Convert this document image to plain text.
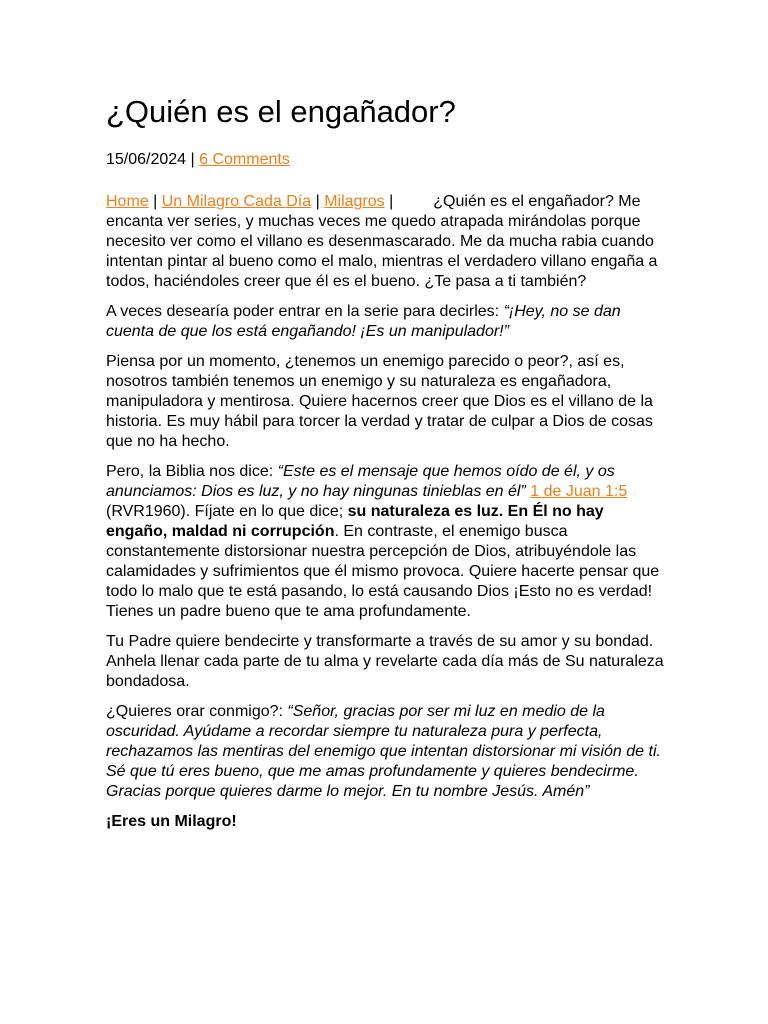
¿Quién es el engañador?
15/06/2024 | 6 Comments

Home | Un Milagro Cada Día | Milagros |	¿Quién es el engañador? Me encanta ver series, y muchas veces me quedo atrapada mirándolas porque necesito ver como el villano es desenmascarado. Me da mucha rabia cuando intentan pintar al bueno como el malo, mientras el verdadero villano engaña a todos, haciéndoles creer que él es el bueno. ¿Te pasa a ti también?

A veces desearía poder entrar en la serie para decirles: “¡Hey, no se dan cuenta de que los está engañando! ¡Es un manipulador!”

Piensa por un momento, ¿tenemos un enemigo parecido o peor?, así es, nosotros también tenemos un enemigo y su naturaleza es engañadora, manipuladora y mentirosa. Quiere hacernos creer que Dios es el villano de la historia. Es muy hábil para torcer la verdad y tratar de culpar a Dios de cosas que no ha hecho.

Pero, la Biblia nos dice: “Este es el mensaje que hemos oído de él, y os anunciamos: Dios es luz, y no hay ningunas tinieblas en él” 1 de Juan 1:5 (RVR1960). Fíjate en lo que dice; su naturaleza es luz. En Él no hay engaño, maldad ni corrupción. En contraste, el enemigo busca constantemente distorsionar nuestra percepción de Dios, atribuyéndole las calamidades y sufrimientos que él mismo provoca. Quiere hacerte pensar que todo lo malo que te está pasando, lo está causando Dios ¡Esto no es verdad! Tienes un padre bueno que te ama profundamente.

Tu Padre quiere bendecirte y transformarte a través de su amor y su bondad. Anhela llenar cada parte de tu alma y revelarte cada día más de Su naturaleza bondadosa.

¿Quieres orar conmigo?: “Señor, gracias por ser mi luz en medio de la oscuridad. Ayúdame a recordar siempre tu naturaleza pura y perfecta, rechazamos las mentiras del enemigo que intentan distorsionar mi visión de ti. Sé que tú eres bueno, que me amas profundamente y quieres bendecirme. Gracias porque quieres darme lo mejor. En tu nombre Jesús. Amén”

¡Eres un Milagro!
